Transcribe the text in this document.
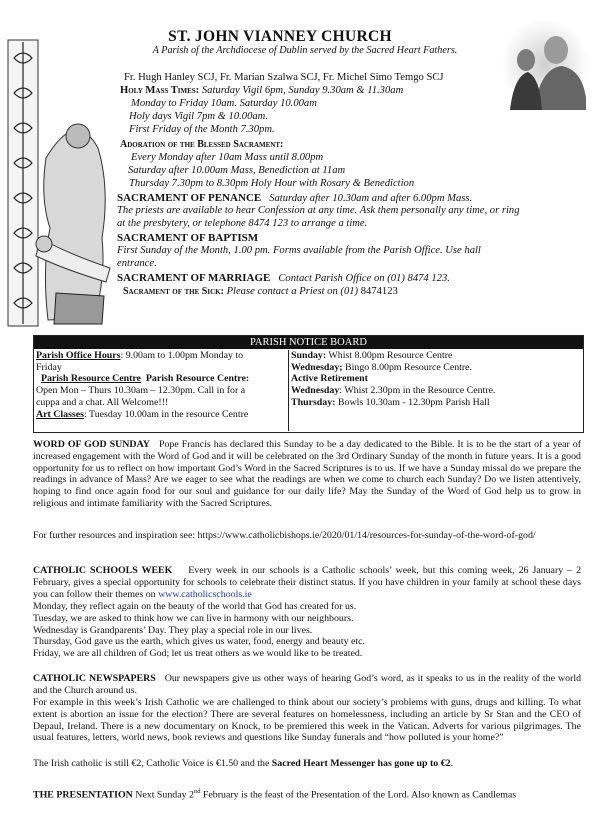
ST. JOHN VIANNEY CHURCH
A Parish of the Archdiocese of Dublin served by the Sacred Heart Fathers.
Fr. Hugh Hanley SCJ, Fr. Marian Szalwa SCJ, Fr. Michel Simo Temgo SCJ
Holy Mass Times: Saturday Vigil 6pm, Sunday 9.30am & 11.30am
Monday to Friday 10am. Saturday 10.00am
Holy days Vigil 7pm & 10.00am.
First Friday of the Month 7.30pm.
Adoration of the Blessed Sacrament:
Every Monday after 10am Mass until 8.00pm
Saturday after 10.00am Mass, Benediction at 11am
Thursday 7.30pm to 8.30pm Holy Hour with Rosary & Benediction
SACRAMENT OF PENANCE Saturday after 10.30am and after 6.00pm Mass.
The priests are available to hear Confession at any time. Ask them personally any time, or ring
at the presbytery, or telephone 8474 123 to arrange a time.
SACRAMENT OF BAPTISM
First Sunday of the Month, 1.00 pm. Forms available from the Parish Office. Use hall
entrance.
SACRAMENT OF MARRIAGE Contact Parish Office on (01) 8474 123.
Sacrament of the Sick: Please contact a Priest on (01) 8474123
PARISH NOTICE BOARD
Parish Office Hours: 9.00am to 1.00pm Monday to
Friday
Parish Resource Centre Parish Resource Centre:
Open Mon – Thurs 10.30am – 12.30pm. Call in for a
cuppa and a chat. All Welcome!!!
Art Classes: Tuesday 10.00am in the resource Centre
Sunday: Whist 8.00pm Resource Centre
Wednesday; Bingo 8.00pm Resource Centre.
Active Retirement
Wednesday: Whist 2.30pm in the Resource Centre.
Thursday: Bowls 10.30am - 12.30pm Parish Hall
WORD OF GOD SUNDAY Pope Francis has declared this Sunday to be a day dedicated to the Bible. It is to be the start of a year of increased engagement with the Word of God and it will be celebrated on the 3rd Ordinary Sunday of the month in future years. It is a good opportunity for us to reflect on how important God’s Word in the Sacred Scriptures is to us. If we have a Sunday missal do we prepare the readings in advance of Mass? Are we eager to see what the readings are when we come to church each Sunday? Do we listen attentively, hoping to find once again food for our soul and guidance for our daily life? May the Sunday of the Word of God help us to grow in religious and intimate familiarity with the Sacred Scriptures.
For further resources and inspiration see: https://www.catholicbishops.ie/2020/01/14/resources-for-sunday-of-the-word-of-god/
CATHOLIC SCHOOLS WEEK Every week in our schools is a Catholic schools’ week, but this coming week, 26 January – 2 February, gives a special opportunity for schools to celebrate their distinct status. If you have children in your family at school these days you can follow their themes on www.catholicschools.ie
Monday, they reflect again on the beauty of the world that God has created for us.
Tuesday, we are asked to think how we can live in harmony with our neighbours.
Wednesday is Grandparents’ Day. They play a special role in our lives.
Thursday, God gave us the earth, which gives us water, food, energy and beauty etc.
Friday, we are all children of God; let us treat others as we would like to be treated.
CATHOLIC NEWSPAPERS Our newspapers give us other ways of hearing God’s word, as it speaks to us in the reality of the world and the Church around us.
For example in this week’s Irish Catholic we are challenged to think about our society’s problems with guns, drugs and killing. To what extent is abortion an issue for the election? There are several features on homelessness, including an article by Sr Stan and the CEO of Depaul, Ireland. There is a new documentary on Knock, to be premiered this week in the Vatican. Adverts for various pilgrimages. The usual features, letters, world news, book reviews and questions like Sunday funerals and “how polluted is your home?”
The Irish catholic is still €2, Catholic Voice is €1.50 and the Sacred Heart Messenger has gone up to €2.
THE PRESENTATION Next Sunday 2nd February is the feast of the Presentation of the Lord. Also known as Candlemas
